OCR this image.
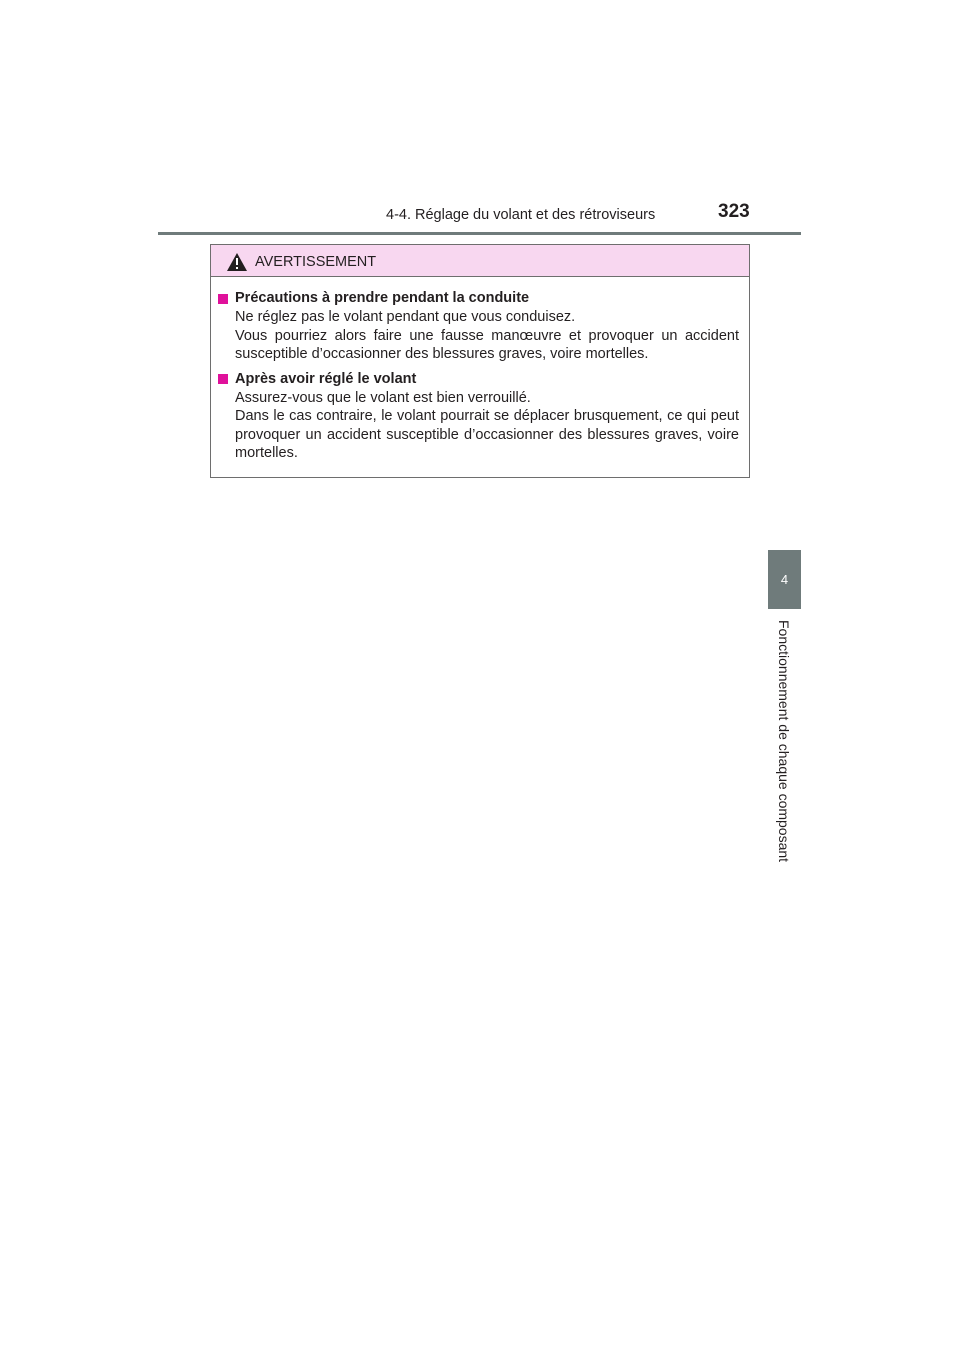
4-4. Réglage du volant et des rétroviseurs	323
4
Fonctionnement de chaque composant
AVERTISSEMENT
Précautions à prendre pendant la conduite

Ne réglez pas le volant pendant que vous conduisez.

Vous pourriez alors faire une fausse manœuvre et provoquer un accident susceptible d’occasionner des blessures graves, voire mortelles.

Après avoir réglé le volant

Assurez-vous que le volant est bien verrouillé.

Dans le cas contraire, le volant pourrait se déplacer brusquement, ce qui peut provoquer un accident susceptible d’occasionner des blessures graves, voire mortelles.
